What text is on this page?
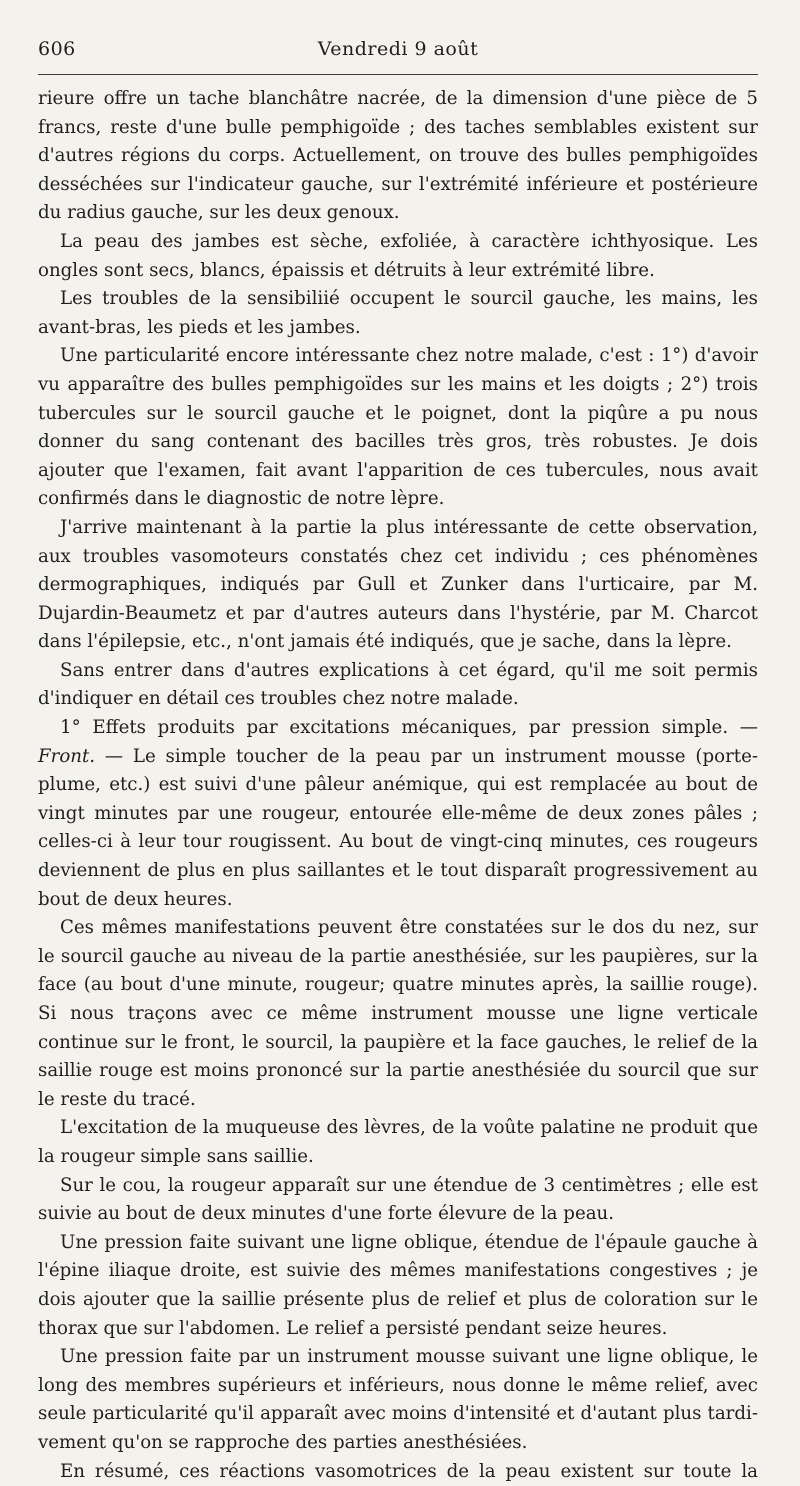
606	Vendredi 9 août

rieure offre un tache blanchâtre nacrée, de la dimension d'une pièce de 5 francs, reste d'une bulle pemphigoïde ; des taches semblables existent sur d'autres régions du corps. Actuellement, on trouve des bulles pemphigoïdes desséchées sur l'indicateur gauche, sur l'extrémité inférieure et postérieure du radius gauche, sur les deux genoux.

La peau des jambes est sèche, exfoliée, à caractère ichthyosique. Les ongles sont secs, blancs, épaissis et détruits à leur extrémité libre.

Les troubles de la sensibiliié occupent le sourcil gauche, les mains, les avant-bras, les pieds et les jambes.

Une particularité encore intéressante chez notre malade, c'est : 1°) d'avoir vu apparaître des bulles pemphigoïdes sur les mains et les doigts ; 2°) trois tubercules sur le sourcil gauche et le poignet, dont la piqûre a pu nous donner du sang contenant des bacilles très gros, très robustes. Je dois ajouter que l'examen, fait avant l'apparition de ces tubercules, nous avait confirmés dans le diagnostic de notre lèpre.

J'arrive maintenant à la partie la plus intéressante de cette observation, aux troubles vasomoteurs constatés chez cet individu ; ces phénomènes dermographiques, indiqués par Gull et Zunker dans l'urticaire, par M. Dujardin-Beaumetz et par d'autres auteurs dans l'hystérie, par M. Charcot dans l'épilepsie, etc., n'ont jamais été indiqués, que je sache, dans la lèpre.

Sans entrer dans d'autres explications à cet égard, qu'il me soit permis d'indiquer en détail ces troubles chez notre malade.

1° Effets produits par excitations mécaniques, par pression simple. —

Front. — Le simple toucher de la peau par un instrument mousse (porte-plume, etc.) est suivi d'une pâleur anémique, qui est remplacée au bout de vingt minutes par une rougeur, entourée elle-même de deux zones pâles ; celles-ci à leur tour rougissent. Au bout de vingt-cinq minutes, ces rougeurs deviennent de plus en plus saillantes et le tout disparaît progressivement au bout de deux heures.

Ces mêmes manifestations peuvent être constatées sur le dos du nez, sur le sourcil gauche au niveau de la partie anesthésiée, sur les paupières, sur la face (au bout d'une minute, rougeur; quatre minutes après, la saillie rouge). Si nous traçons avec ce même instrument mousse une ligne verticale continue sur le front, le sourcil, la paupière et la face gauches, le relief de la saillie rouge est moins prononcé sur la partie anesthésiée du sourcil que sur le reste du tracé.

L'excitation de la muqueuse des lèvres, de la voûte palatine ne produit que la rougeur simple sans saillie.

Sur le cou, la rougeur apparaît sur une étendue de 3 centimètres ; elle est suivie au bout de deux minutes d'une forte élevure de la peau.

Une pression faite suivant une ligne oblique, étendue de l'épaule gauche à l'épine iliaque droite, est suivie des mêmes manifestations congestives ; je dois ajouter que la saillie présente plus de relief et plus de coloration sur le thorax que sur l'abdomen. Le relief a persisté pendant seize heures.

Une pression faite par un instrument mousse suivant une ligne oblique, le long des membres supérieurs et inférieurs, nous donne le même relief, avec seule particularité qu'il apparaît avec moins d'intensité et d'autant plus tardivement qu'on se rapproche des parties anesthésiées.

En résumé, ces réactions vasomotrices de la peau existent sur toute la
